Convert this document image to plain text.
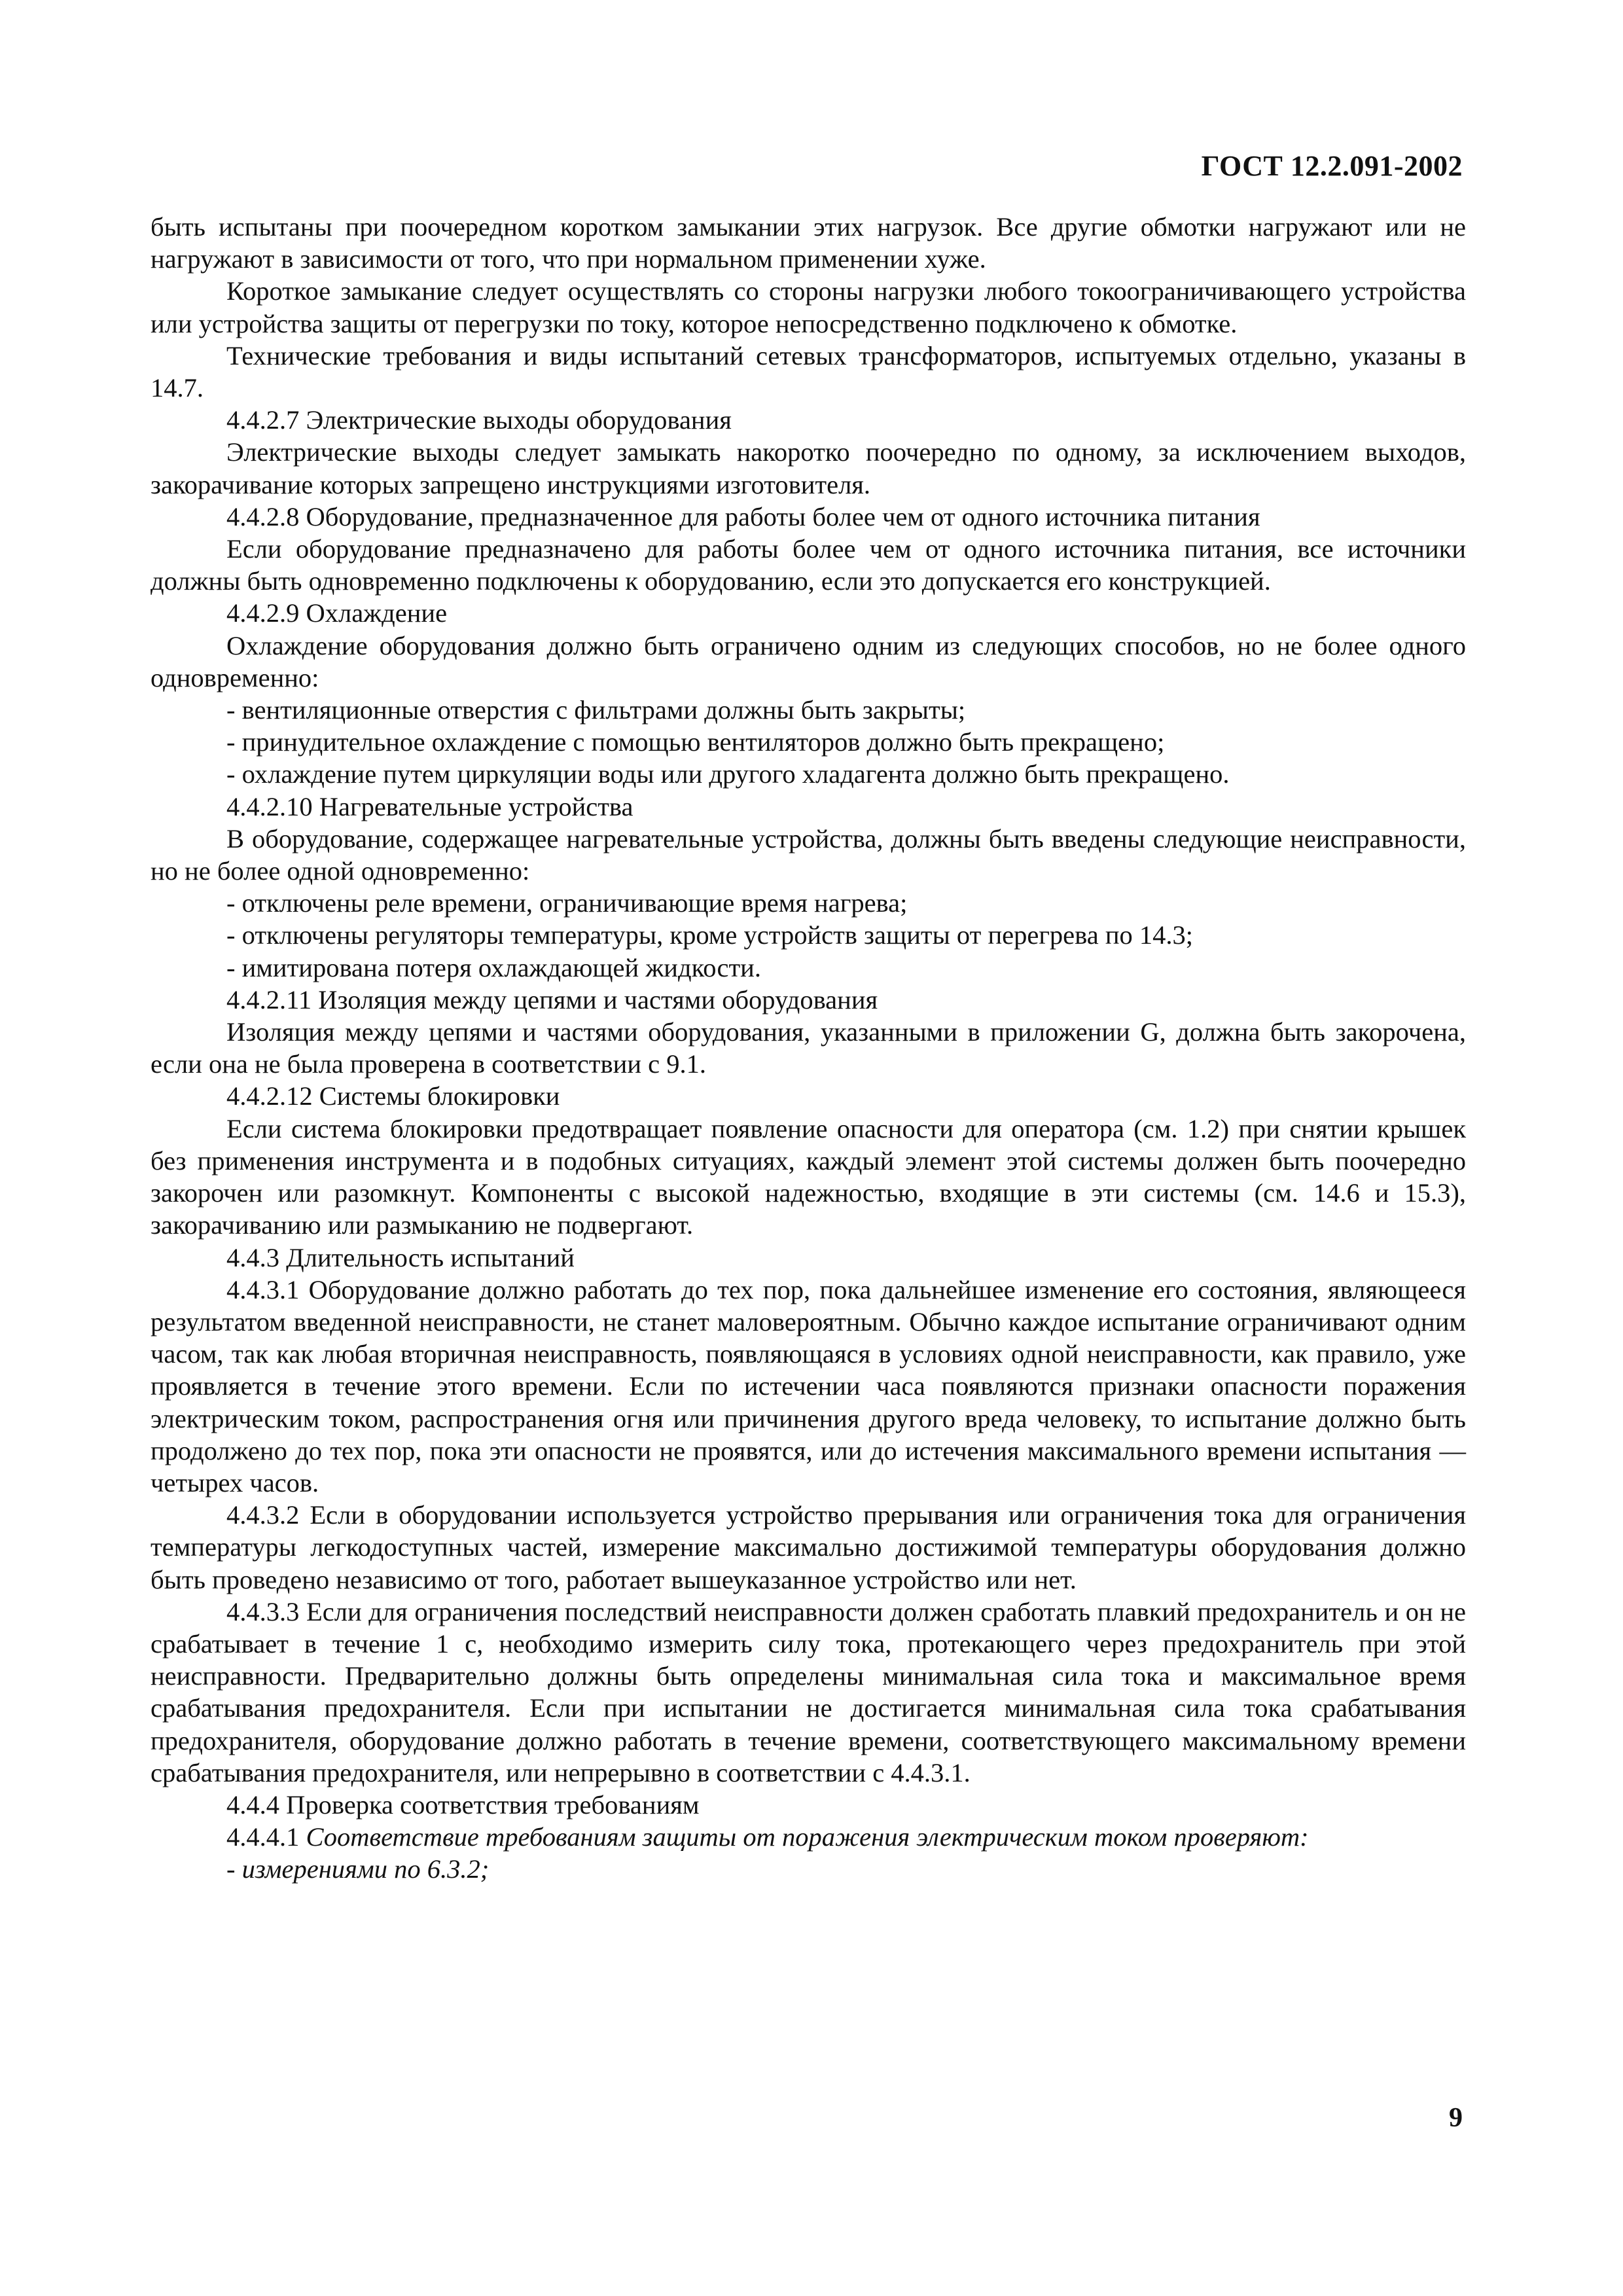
ГОСТ 12.2.091-2002

быть испытаны при поочередном коротком замыкании этих нагрузок. Все другие обмотки нагружают или не нагружают в зависимости от того, что при нормальном применении хуже.

Короткое замыкание следует осуществлять со стороны нагрузки любого токоограничивающего устройства или устройства защиты от перегрузки по току, которое непосредственно подключено к обмотке.

Технические требования и виды испытаний сетевых трансформаторов, испытуемых отдельно, указаны в 14.7.

4.4.2.7 Электрические выходы оборудования

Электрические выходы следует замыкать накоротко поочередно по одному, за исключением выходов, закорачивание которых запрещено инструкциями изготовителя.

4.4.2.8 Оборудование, предназначенное для работы более чем от одного источника питания

Если оборудование предназначено для работы более чем от одного источника питания, все источники должны быть одновременно подключены к оборудованию, если это допускается его конструкцией.

4.4.2.9 Охлаждение

Охлаждение оборудования должно быть ограничено одним из следующих способов, но не более одного одновременно:

- вентиляционные отверстия с фильтрами должны быть закрыты;

- принудительное охлаждение с помощью вентиляторов должно быть прекращено;

- охлаждение путем циркуляции воды или другого хладагента должно быть прекращено.

4.4.2.10 Нагревательные устройства

В оборудование, содержащее нагревательные устройства, должны быть введены следующие неисправности, но не более одной одновременно:

- отключены реле времени, ограничивающие время нагрева;

- отключены регуляторы температуры, кроме устройств защиты от перегрева по 14.3;

- имитирована потеря охлаждающей жидкости.

4.4.2.11 Изоляция между цепями и частями оборудования

Изоляция между цепями и частями оборудования, указанными в приложении G, должна быть закорочена, если она не была проверена в соответствии с 9.1.

4.4.2.12 Системы блокировки

Если система блокировки предотвращает появление опасности для оператора (см. 1.2) при снятии крышек без применения инструмента и в подобных ситуациях, каждый элемент этой системы должен быть поочередно закорочен или разомкнут. Компоненты с высокой надежностью, входящие в эти системы (см. 14.6 и 15.3), закорачиванию или размыканию не подвергают.

4.4.3 Длительность испытаний

4.4.3.1 Оборудование должно работать до тех пор, пока дальнейшее изменение его состояния, являющееся результатом введенной неисправности, не станет маловероятным. Обычно каждое испытание ограничивают одним часом, так как любая вторичная неисправность, появляющаяся в условиях одной неисправности, как правило, уже проявляется в течение этого времени. Если по истечении часа появляются признаки опасности поражения электрическим током, распространения огня или причинения другого вреда человеку, то испытание должно быть продолжено до тех пор, пока эти опасности не проявятся, или до истечения максимального времени испытания — четырех часов.

4.4.3.2 Если в оборудовании используется устройство прерывания или ограничения тока для ограничения температуры легкодоступных частей, измерение максимально достижимой температуры оборудования должно быть проведено независимо от того, работает вышеуказанное устройство или нет.

4.4.3.3 Если для ограничения последствий неисправности должен сработать плавкий предохранитель и он не срабатывает в течение 1 с, необходимо измерить силу тока, протекающего через предохранитель при этой неисправности. Предварительно должны быть определены минимальная сила тока и максимальное время срабатывания предохранителя. Если при испытании не достигается минимальная сила тока срабатывания предохранителя, оборудование должно работать в течение времени, соответствующего максимальному времени срабатывания предохранителя, или непрерывно в соответствии с 4.4.3.1.

4.4.4 Проверка соответствия требованиям

4.4.4.1 Соответствие требованиям защиты от поражения электрическим током проверяют:

- измерениями по 6.3.2;

9
